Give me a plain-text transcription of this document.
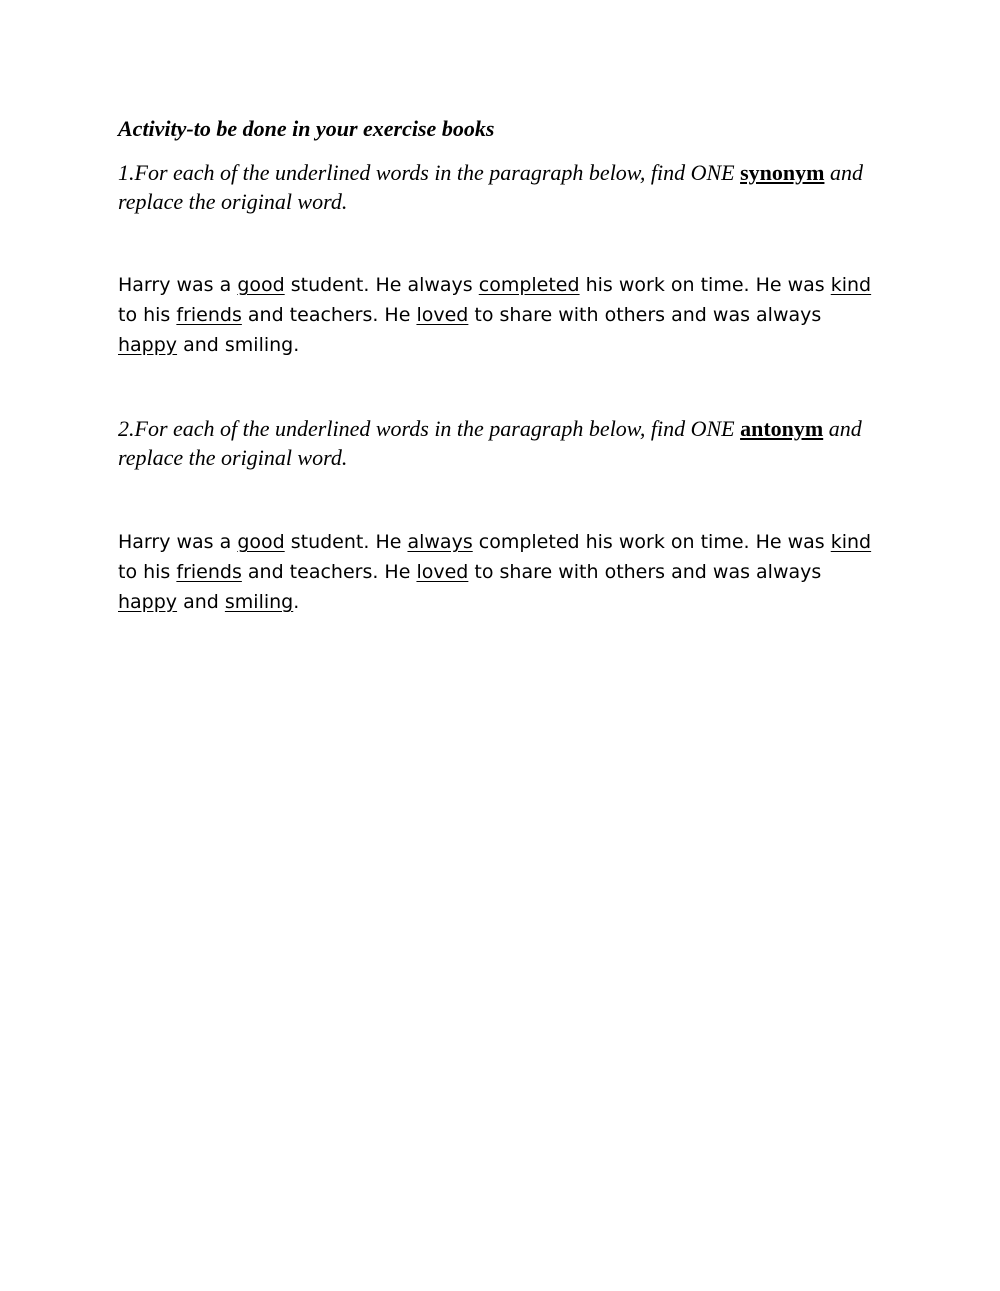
Activity-to be done in your exercise books

1.For each of the underlined words in the paragraph below, find ONE synonym and replace the original word.

Harry was a good student. He always completed his work on time. He was kind to his friends and teachers. He loved to share with others and was always happy and smiling.

2.For each of the underlined words in the paragraph below, find ONE antonym and replace the original word.

Harry was a good student. He always completed his work on time. He was kind to his friends and teachers. He loved to share with others and was always happy and smiling.
